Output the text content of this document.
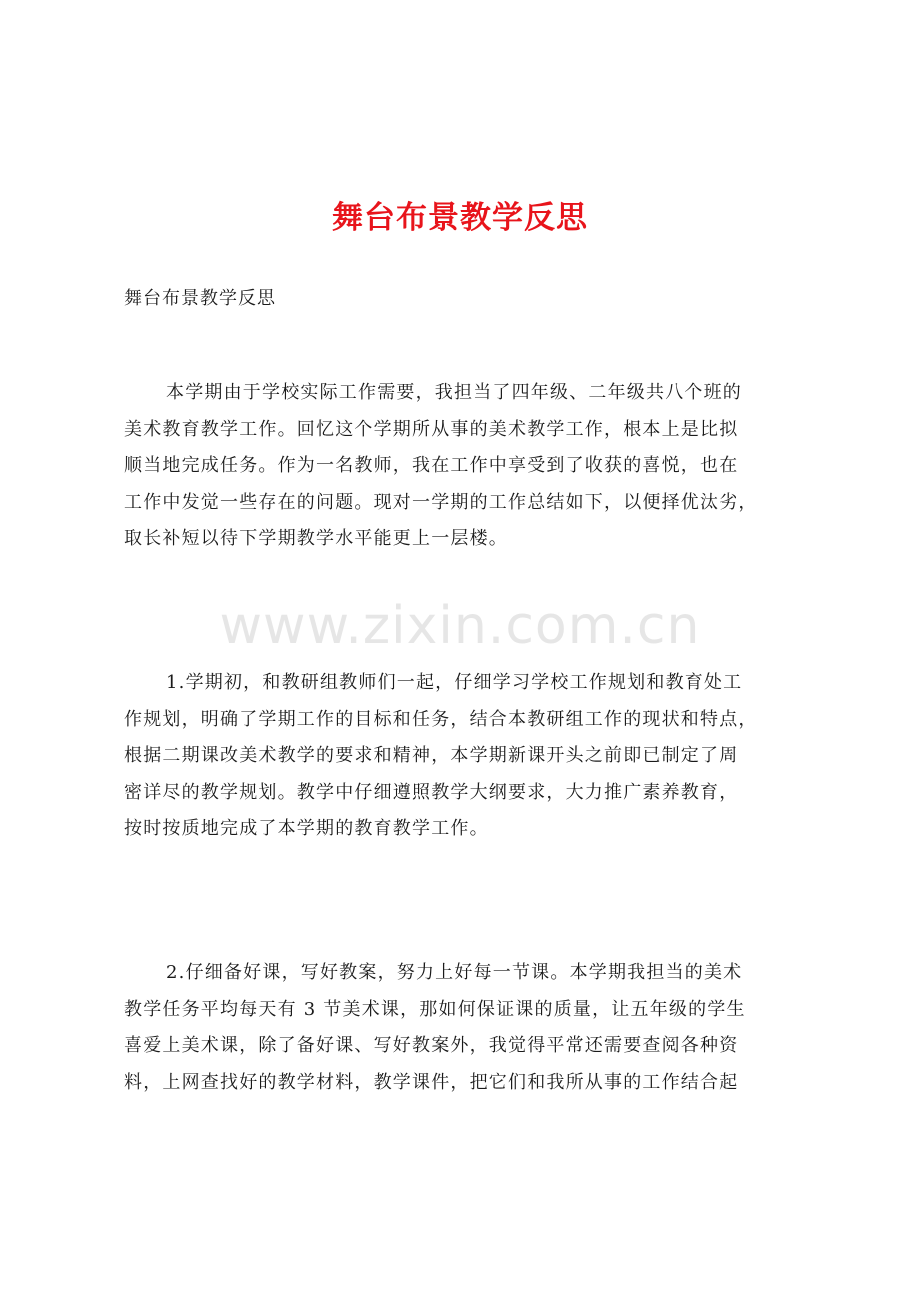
舞台布景教学反思
舞台布景教学反思
本学期由于学校实际工作需要，我担当了四年级、二年级共八个班的
美术教育教学工作。回忆这个学期所从事的美术教学工作，根本上是比拟
顺当地完成任务。作为一名教师，我在工作中享受到了收获的喜悦，也在
工作中发觉一些存在的问题。现对一学期的工作总结如下，以便择优汰劣，
取长补短以待下学期教学水平能更上一层楼。
www.zixin.com.cn
1.学期初，和教研组教师们一起，仔细学习学校工作规划和教育处工
作规划，明确了学期工作的目标和任务，结合本教研组工作的现状和特点，
根据二期课改美术教学的要求和精神，本学期新课开头之前即已制定了周
密详尽的教学规划。教学中仔细遵照教学大纲要求，大力推广素养教育，
按时按质地完成了本学期的教育教学工作。
2.仔细备好课，写好教案，努力上好每一节课。本学期我担当的美术
教学任务平均每天有 3 节美术课，那如何保证课的质量，让五年级的学生
喜爱上美术课，除了备好课、写好教案外，我觉得平常还需要查阅各种资
料，上网查找好的教学材料，教学课件，把它们和我所从事的工作结合起
